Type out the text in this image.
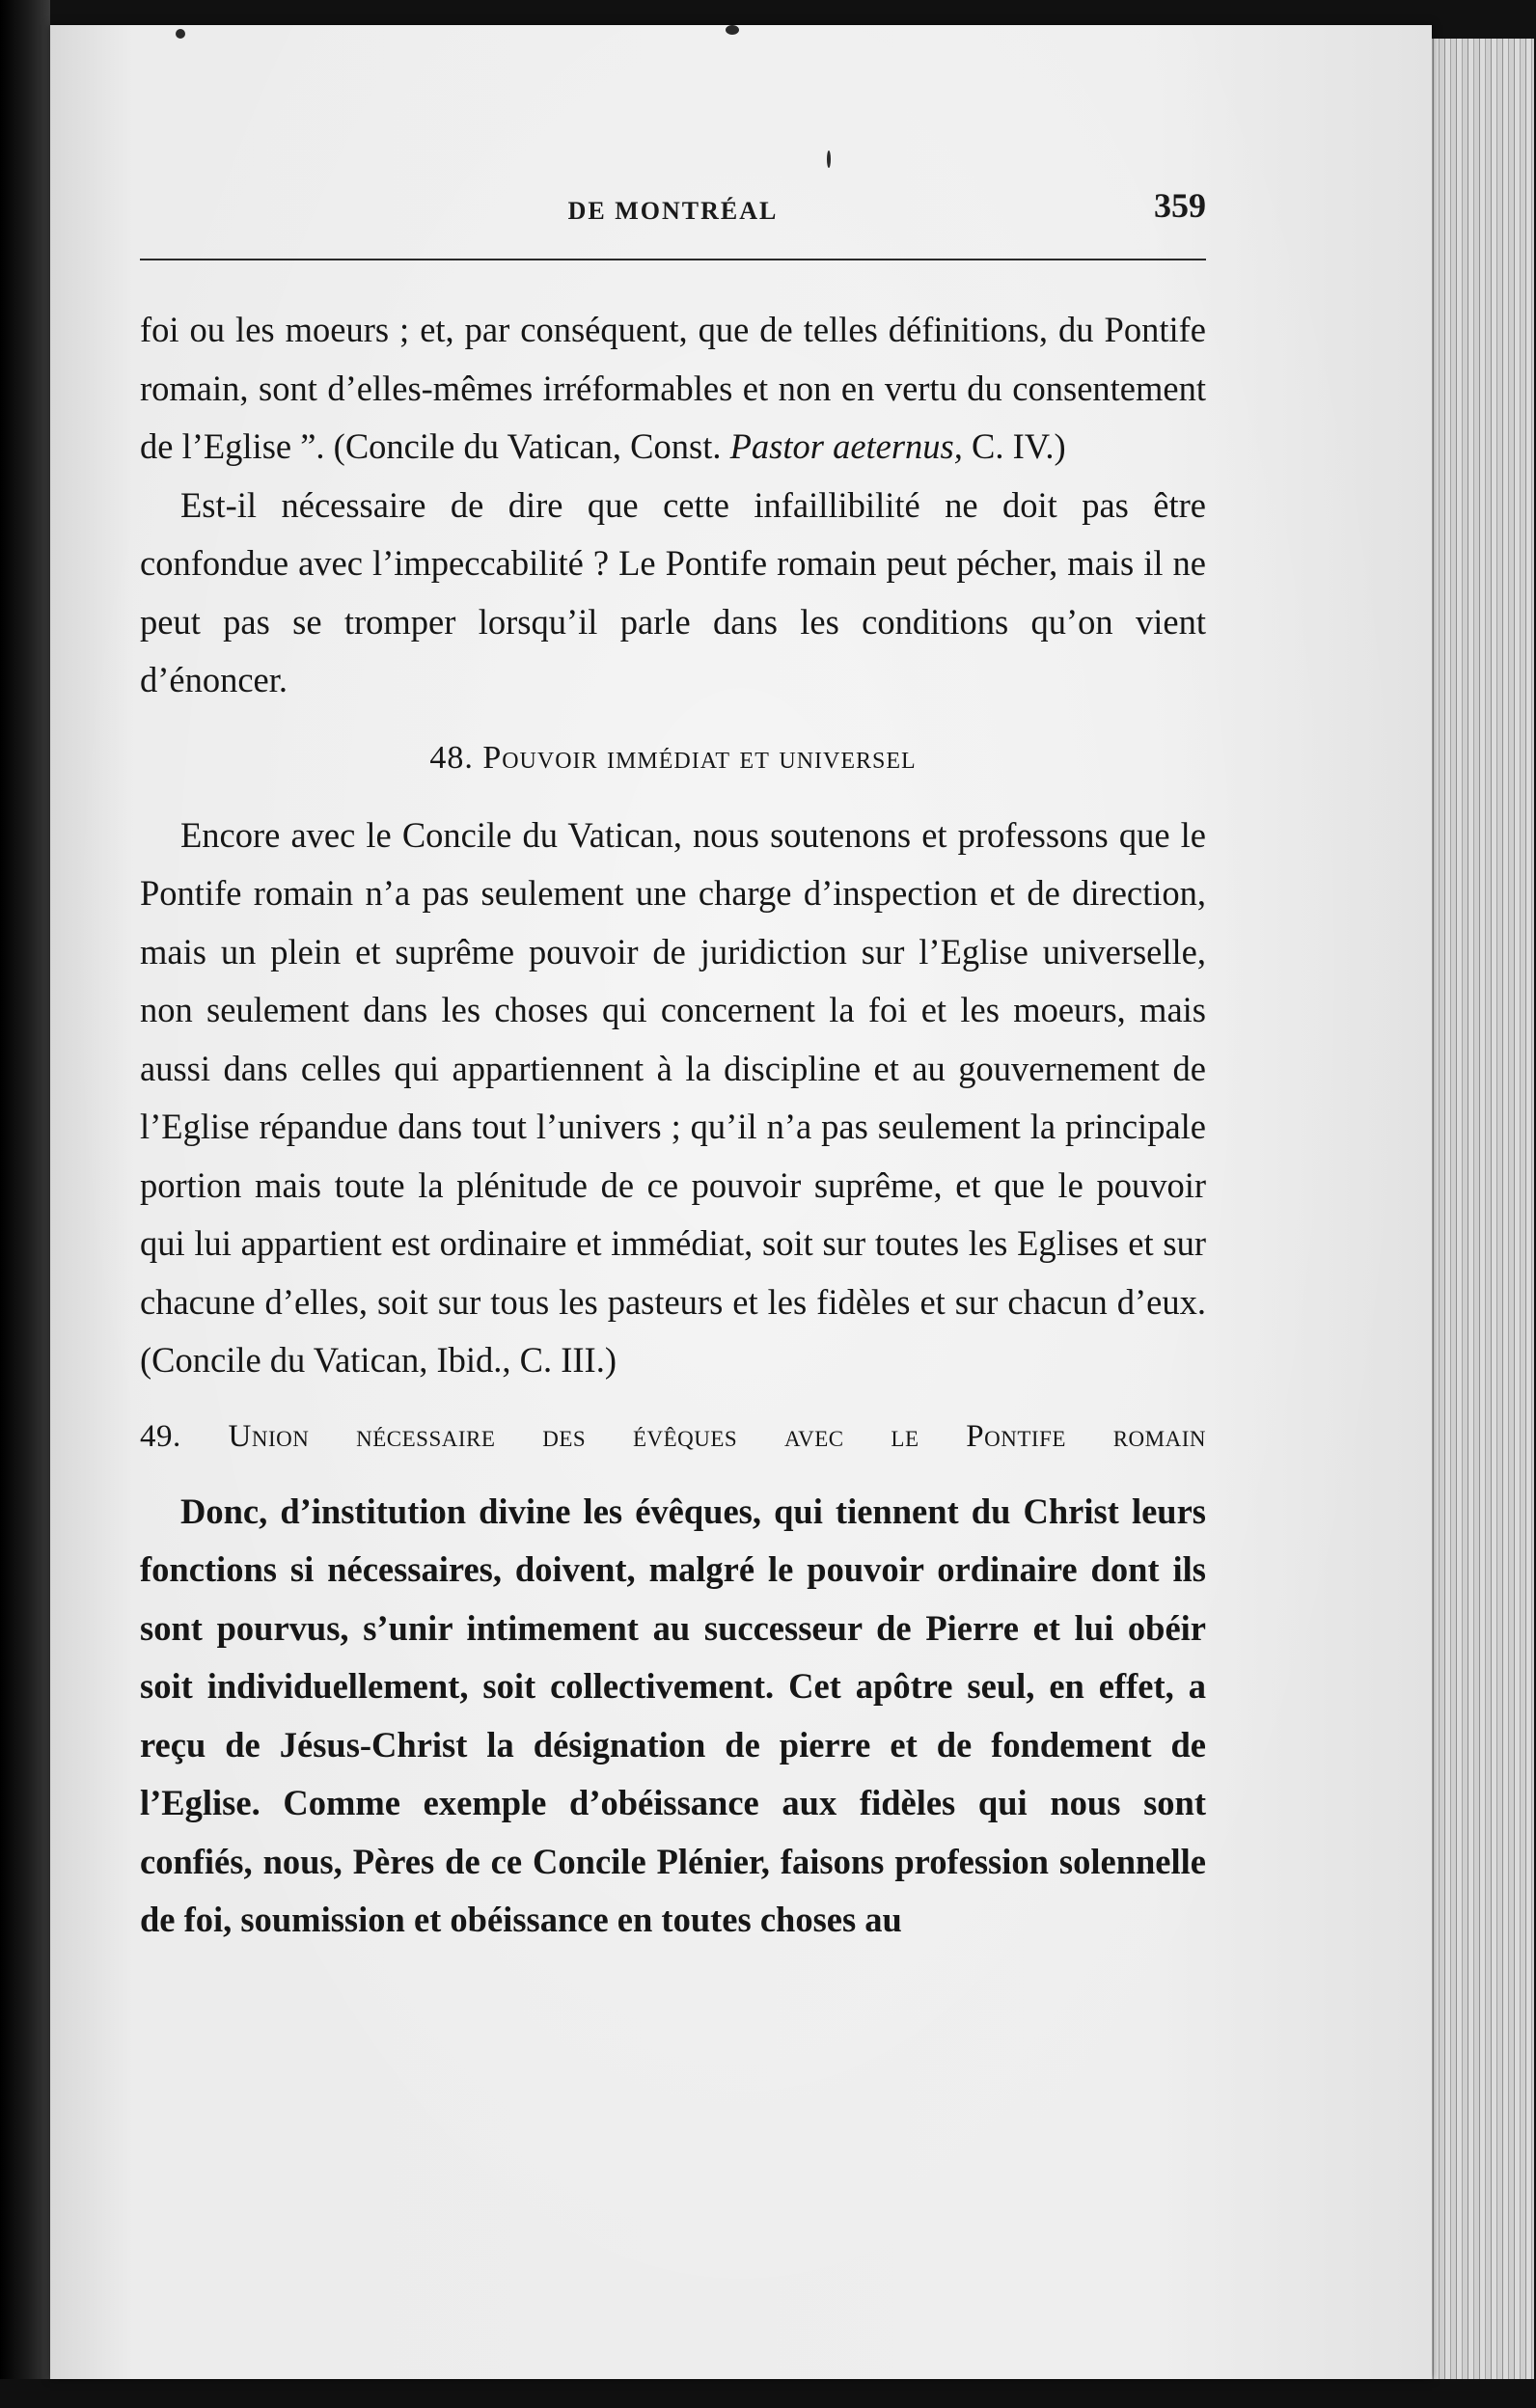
DE MONTRÉAL	359

foi ou les moeurs ; et, par conséquent, que de telles définitions, du Pontife romain, sont d’elles-mêmes irréformables et non en vertu du consentement de l’Eglise ”. (Concile du Vatican, Const. Pastor aeternus, C. IV.)

Est-il nécessaire de dire que cette infaillibilité ne doit pas être confondue avec l’impeccabilité ? Le Pontife romain peut pécher, mais il ne peut pas se tromper lorsqu’il parle dans les conditions qu’on vient d’énoncer.

48. Pouvoir immédiat et universel

Encore avec le Concile du Vatican, nous soutenons et professons que le Pontife romain n’a pas seulement une charge d’inspection et de direction, mais un plein et suprême pouvoir de juridiction sur l’Eglise universelle, non seulement dans les choses qui concernent la foi et les moeurs, mais aussi dans celles qui appartiennent à la discipline et au gouvernement de l’Eglise répandue dans tout l’univers ; qu’il n’a pas seulement la principale portion mais toute la plénitude de ce pouvoir suprême, et que le pouvoir qui lui appartient est ordinaire et immédiat, soit sur toutes les Eglises et sur chacune d’elles, soit sur tous les pasteurs et les fidèles et sur chacun d’eux. (Concile du Vatican, Ibid., C. III.)

49. Union nécessaire des évêques avec le Pontife romain

Donc, d’institution divine les évêques, qui tiennent du Christ leurs fonctions si nécessaires, doivent, malgré le pouvoir ordinaire dont ils sont pourvus, s’unir intimement au successeur de Pierre et lui obéir soit individuellement, soit collectivement. Cet apôtre seul, en effet, a reçu de Jésus-Christ la désignation de pierre et de fondement de l’Eglise. Comme exemple d’obéissance aux fidèles qui nous sont confiés, nous, Pères de ce Concile Plénier, faisons profession solennelle de foi, soumission et obéissance en toutes choses au
